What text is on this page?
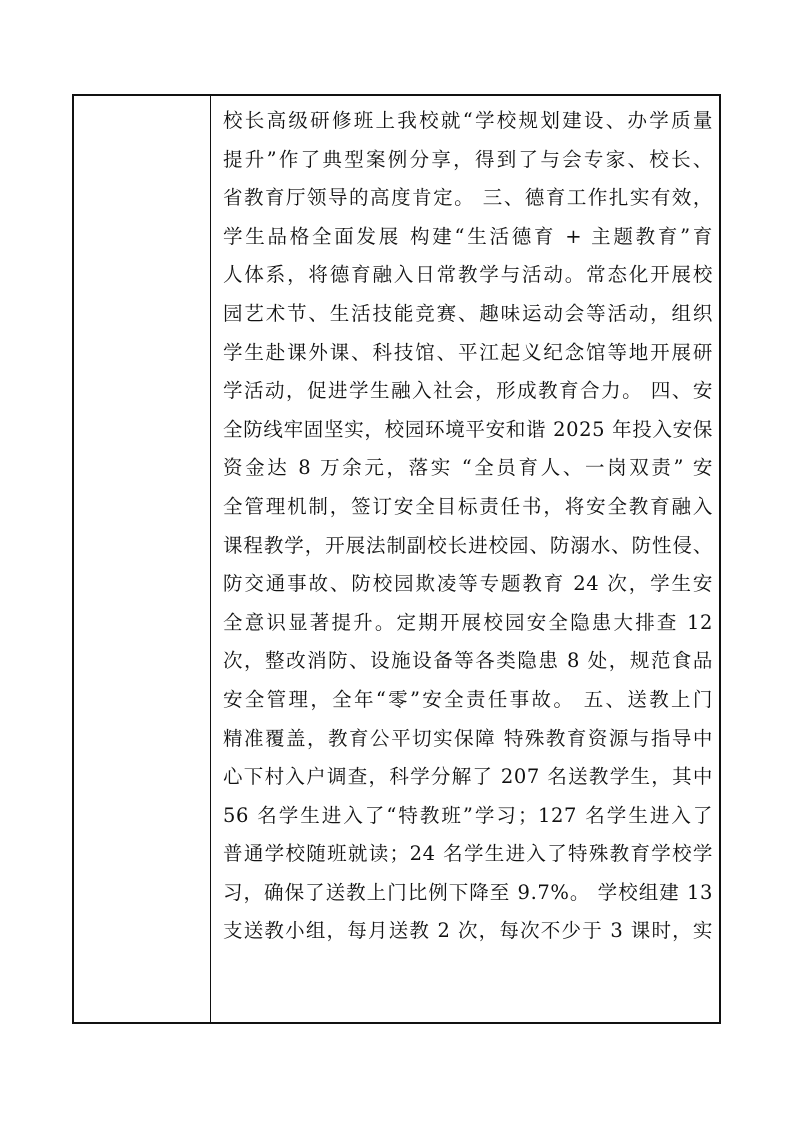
校长高级研修班上我校就“学校规划建设、办学质量
提升”作了典型案例分享，得到了与会专家、校长、
省教育厅领导的高度肯定。 三、德育工作扎实有效，
学生品格全面发展 构建“生活德育 + 主题教育”育
人体系，将德育融入日常教学与活动。常态化开展校
园艺术节、生活技能竞赛、趣味运动会等活动，组织
学生赴课外课、科技馆、平江起义纪念馆等地开展研
学活动，促进学生融入社会，形成教育合力。 四、安
全防线牢固坚实，校园环境平安和谐 2025 年投入安保
资金达 8 万余元，落实 “全员育人、一岗双责” 安
全管理机制，签订安全目标责任书，将安全教育融入
课程教学，开展法制副校长进校园、防溺水、防性侵、
防交通事故、防校园欺凌等专题教育 24 次，学生安
全意识显著提升。定期开展校园安全隐患大排查 12
次，整改消防、设施设备等各类隐患 8 处，规范食品
安全管理，全年“零”安全责任事故。 五、送教上门
精准覆盖，教育公平切实保障 特殊教育资源与指导中
心下村入户调查，科学分解了 207 名送教学生，其中
56 名学生进入了“特教班”学习；127 名学生进入了
普通学校随班就读；24 名学生进入了特殊教育学校学
习，确保了送教上门比例下降至 9.7%。 学校组建 13
支送教小组，每月送教 2 次，每次不少于 3 课时，实
